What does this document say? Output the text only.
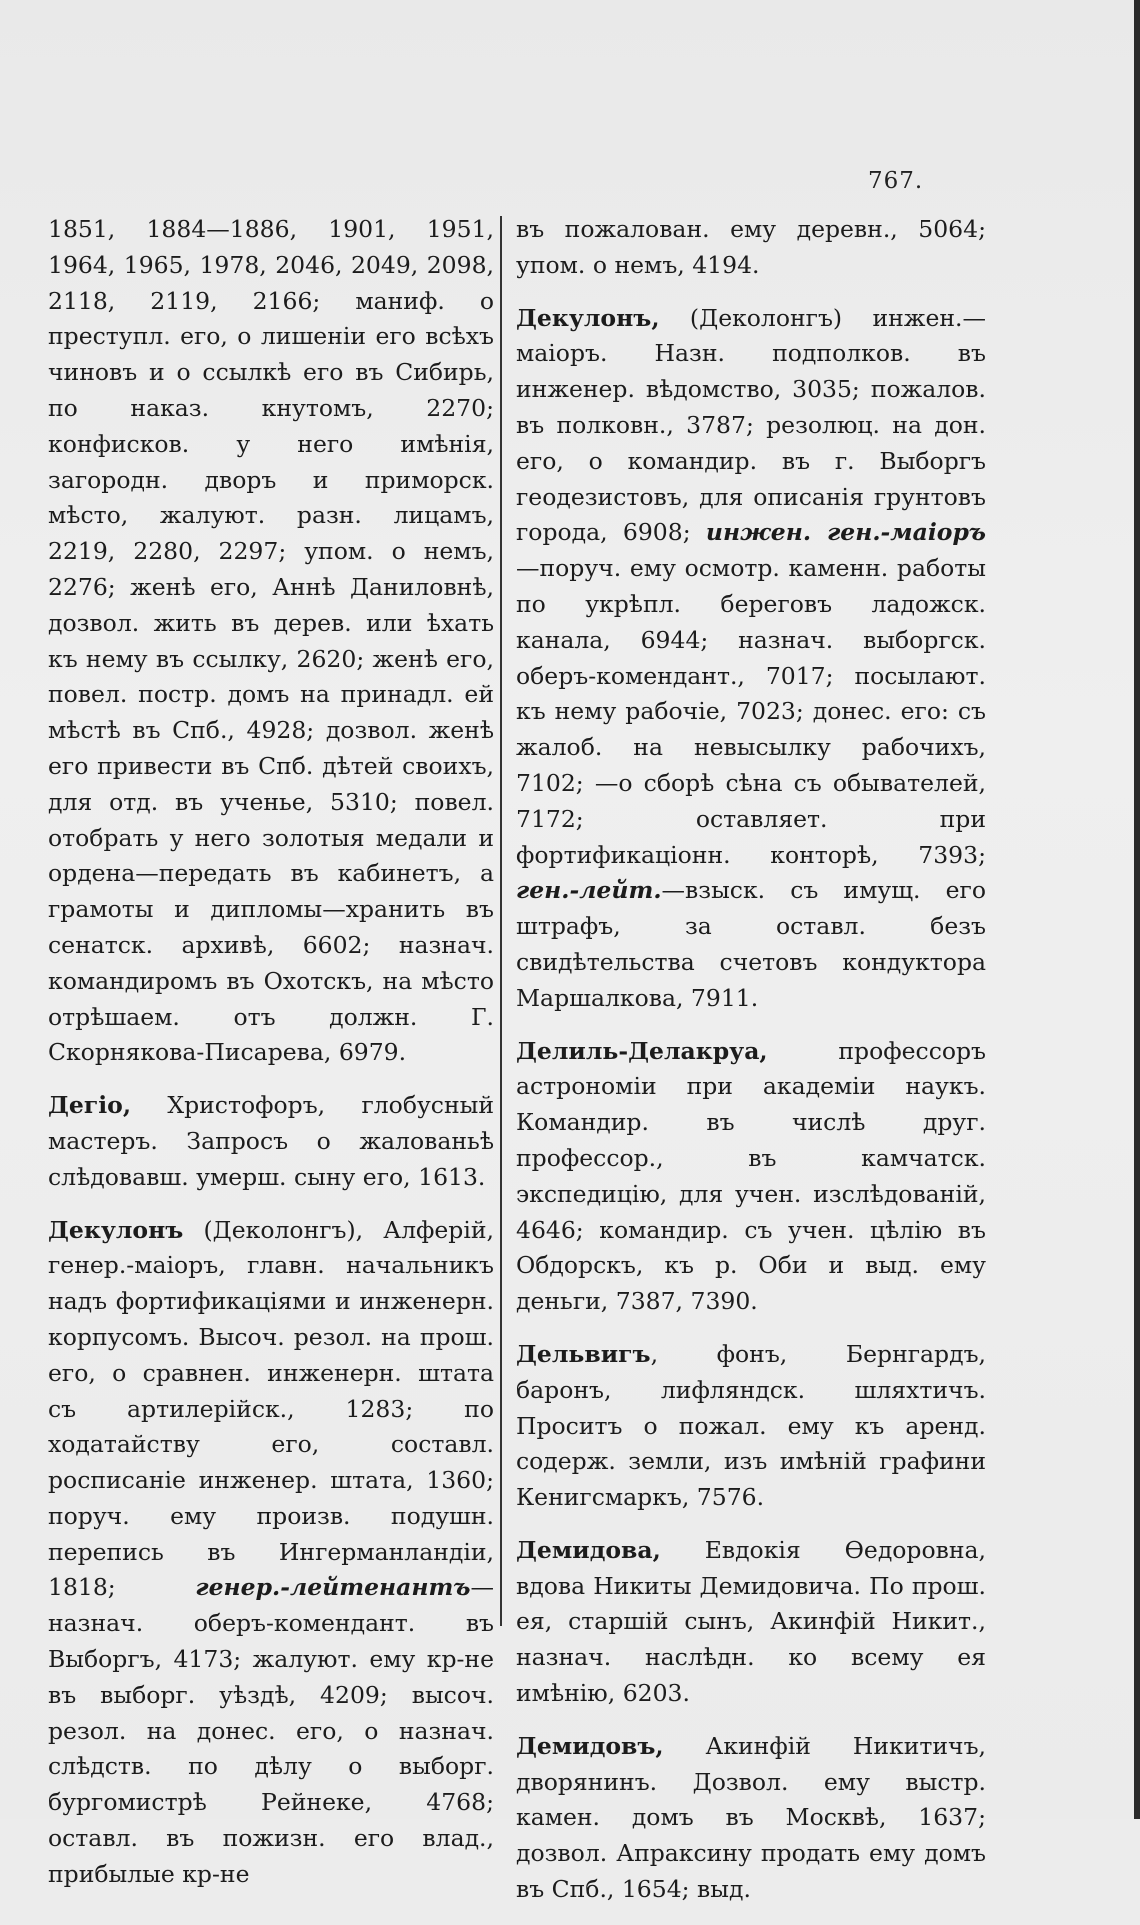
767.
1851, 1884—1886, 1901, 1951, 1964, 1965, 1978, 2046, 2049, 2098, 2118, 2119, 2166; маниф. о преступл. его, о лишеніи его всѣхъ чиновъ и о ссылкѣ его въ Сибирь, по наказ. кнутомъ, 2270; конфисков. у него имѣнія, загородн. дворъ и приморск. мѣсто, жалуют. разн. лицамъ, 2219, 2280, 2297; упом. о немъ, 2276; женѣ его, Аннѣ Даниловнѣ, дозвол. жить въ дерев. или ѣхать къ нему въ ссылку, 2620; женѣ его, повел. постр. домъ на принадл. ей мѣстѣ въ Спб., 4928; дозвол. женѣ его привести въ Спб. дѣтей своихъ, для отд. въ ученье, 5310; повел. отобрать у него золотыя медали и ордена—передать въ кабинетъ, а грамоты и дипломы—хранить въ сенатск. архивѣ, 6602; назнач. командиромъ въ Охотскъ, на мѣсто отрѣшаем. отъ должн. Г. Скорнякова-Писарева, 6979.
Дегіо, Христофоръ, глобусный мастеръ. Запросъ о жалованьѣ слѣдовавш. умерш. сыну его, 1613.
Декулонъ (Деколонгъ), Алферій, генер.-маіоръ, главн. начальникъ надъ фортификаціями и инженерн. корпусомъ. Высоч. резол. на прош. его, о сравнен. инженерн. штата съ артилерійск., 1283; по ходатайству его, составл. росписаніе инженер. штата, 1360; поруч. ему произв. подушн. перепись въ Ингерманландіи, 1818; генер.-лейтенантъ—назнач. оберъ-комендант. въ Выборгъ, 4173; жалуют. ему кр-не въ выборг. уѣздѣ, 4209; высоч. резол. на донес. его, о назнач. слѣдств. по дѣлу о выборг. бургомистрѣ Рейнеке, 4768; оставл. въ пожизн. его влад., прибылые кр-не
въ пожалован. ему деревн., 5064; упом. о немъ, 4194.
Декулонъ, (Деколонгъ) инжен.—маіоръ. Назн. подполков. въ инженер. вѣдомство, 3035; пожалов. въ полковн., 3787; резолюц. на дон. его, о командир. въ г. Выборгъ геодезистовъ, для описанія грунтовъ города, 6908; инжен. ген.-маіоръ—поруч. ему осмотр. каменн. работы по укрѣпл. береговъ ладожск. канала, 6944; назнач. выборгск. оберъ-комендант., 7017; посылают. къ нему рабочіе, 7023; донес. его: съ жалоб. на невысылку рабочихъ, 7102; —о сборѣ сѣна съ обывателей, 7172; оставляет. при фортификаціонн. конторѣ, 7393; ген.-лейт.—взыск. съ имущ. его штрафъ, за оставл. безъ свидѣтельства счетовъ кондуктора Маршалкова, 7911.
Делиль-Делакруа, профессоръ астрономіи при академіи наукъ. Командир. въ числѣ друг. профессор., въ камчатск. экспедицію, для учен. изслѣдованій, 4646; командир. съ учен. цѣлію въ Обдорскъ, къ р. Оби и выд. ему деньги, 7387, 7390.
Дельвигъ, фонъ, Бернгардъ, баронъ, лифляндск. шляхтичъ. Проситъ о пожал. ему къ аренд. содерж. земли, изъ имѣній графини Кенигсмаркъ, 7576.
Демидова, Евдокія Ѳедоровна, вдова Никиты Демидовича. По прош. ея, старшій сынъ, Акинфій Никит., назнач. наслѣдн. ко всему ея имѣнію, 6203.
Демидовъ, Акинфій Никитичъ, дворянинъ. Дозвол. ему выстр. камен. домъ въ Москвѣ, 1637; дозвол. Апраксину продать ему домъ въ Спб., 1654; выд.
